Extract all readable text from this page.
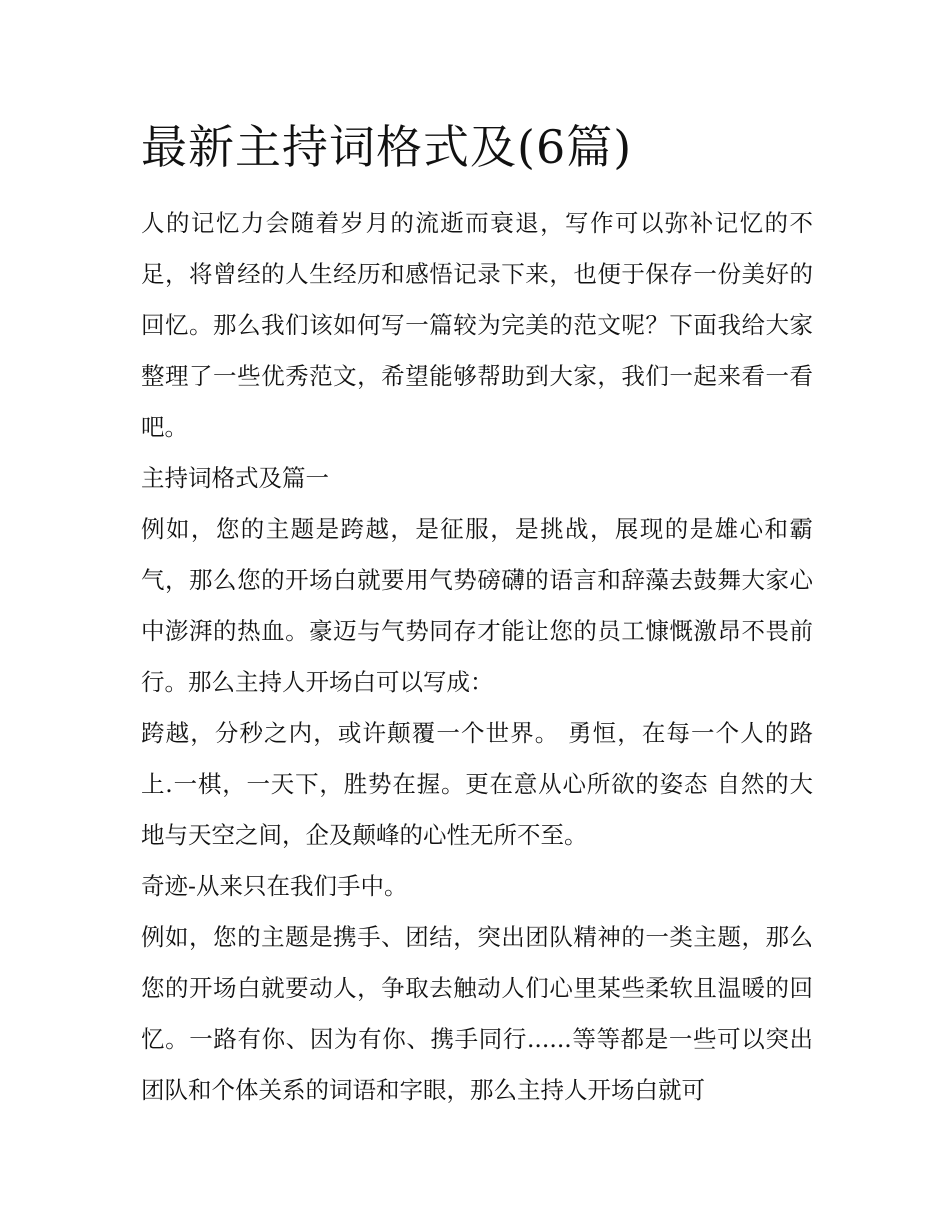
最新主持词格式及(6篇)

人的记忆力会随着岁月的流逝而衰退，写作可以弥补记忆的不足，将曾经的人生经历和感悟记录下来，也便于保存一份美好的回忆。那么我们该如何写一篇较为完美的范文呢？下面我给大家整理了一些优秀范文，希望能够帮助到大家，我们一起来看一看吧。

主持词格式及篇一

例如，您的主题是跨越，是征服，是挑战，展现的是雄心和霸气，那么您的开场白就要用气势磅礴的语言和辞藻去鼓舞大家心中澎湃的热血。豪迈与气势同存才能让您的员工慷慨激昂不畏前行。那么主持人开场白可以写成：

跨越，分秒之内，或许颠覆一个世界。 勇恒，在每一个人的路上.一棋，一天下，胜势在握。更在意从心所欲的姿态 自然的大地与天空之间，企及颠峰的心性无所不至。

奇迹-从来只在我们手中。

例如，您的主题是携手、团结，突出团队精神的一类主题，那么您的开场白就要动人，争取去触动人们心里某些柔软且温暖的回忆。一路有你、因为有你、携手同行......等等都是一些可以突出团队和个体关系的词语和字眼，那么主持人开场白就可
